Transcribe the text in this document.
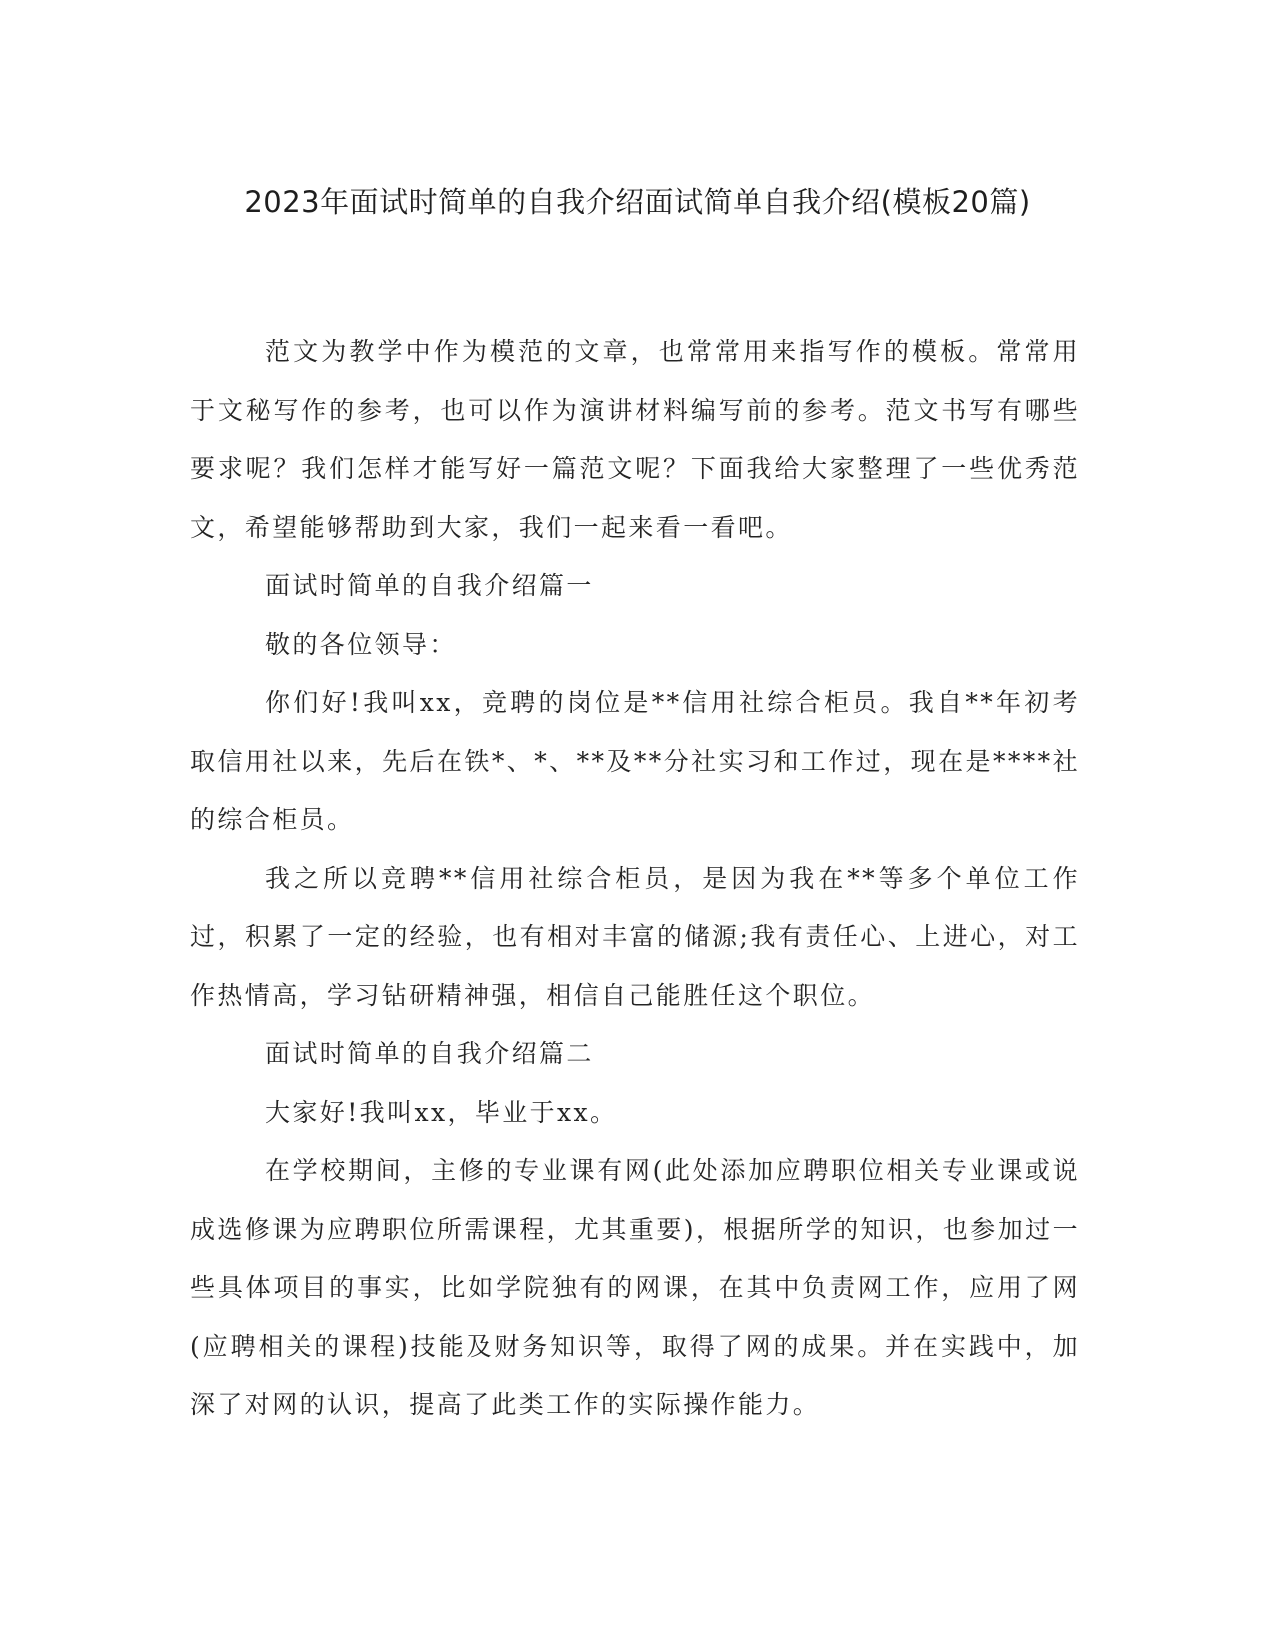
2023年面试时简单的自我介绍面试简单自我介绍(模板20篇)

范文为教学中作为模范的文章，也常常用来指写作的模板。常常用于文秘写作的参考，也可以作为演讲材料编写前的参考。范文书写有哪些要求呢？我们怎样才能写好一篇范文呢？下面我给大家整理了一些优秀范文，希望能够帮助到大家，我们一起来看一看吧。

面试时简单的自我介绍篇一

敬的各位领导：

你们好!我叫xx，竞聘的岗位是**信用社综合柜员。我自**年初考取信用社以来，先后在铁*、*、**及**分社实习和工作过，现在是****社的综合柜员。

我之所以竞聘**信用社综合柜员，是因为我在**等多个单位工作过，积累了一定的经验，也有相对丰富的储源;我有责任心、上进心，对工作热情高，学习钻研精神强，相信自己能胜任这个职位。

面试时简单的自我介绍篇二

大家好!我叫xx，毕业于xx。

在学校期间，主修的专业课有网(此处添加应聘职位相关专业课或说成选修课为应聘职位所需课程，尤其重要)，根据所学的知识，也参加过一些具体项目的事实，比如学院独有的网课，在其中负责网工作，应用了网(应聘相关的课程)技能及财务知识等，取得了网的成果。并在实践中，加深了对网的认识，提高了此类工作的实际操作能力。
